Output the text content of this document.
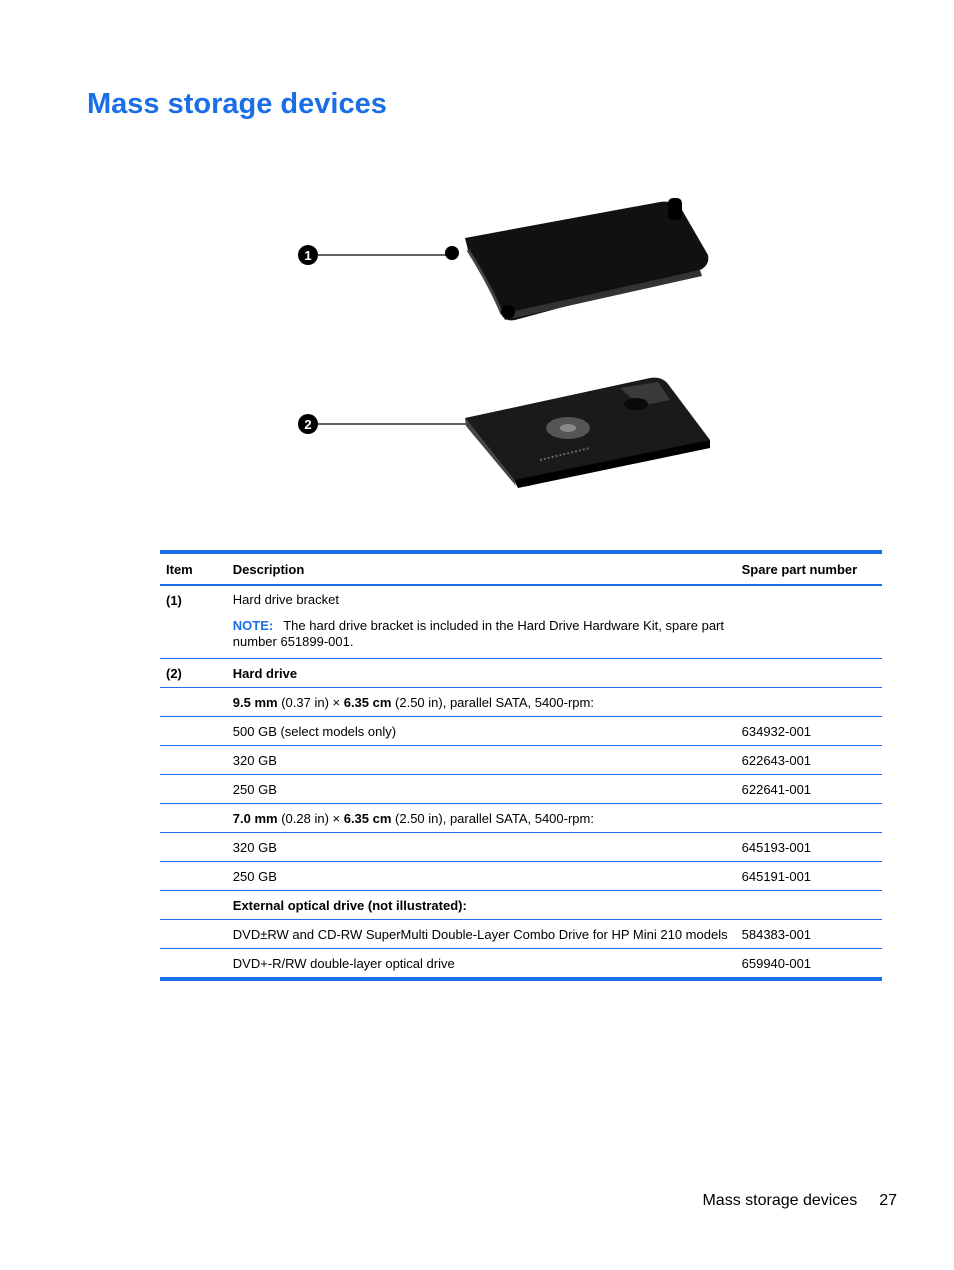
Mass storage devices
1
2
Item	Description	Spare part number
(1)	Hard drive bracket
NOTE: The hard drive bracket is included in the Hard Drive Hardware Kit, spare part number 651899-001.	
(2)	Hard drive	
	9.5 mm (0.37 in) × 6.35 cm (2.50 in), parallel SATA, 5400-rpm:	
	500 GB (select models only)	634932-001
	320 GB	622643-001
	250 GB	622641-001
	7.0 mm (0.28 in) × 6.35 cm (2.50 in), parallel SATA, 5400-rpm:	
	320 GB	645193-001
	250 GB	645191-001
	External optical drive (not illustrated):	
	DVD±RW and CD-RW SuperMulti Double-Layer Combo Drive for HP Mini 210 models	584383-001
	DVD+-R/RW double-layer optical drive	659940-001
Mass storage devices 27
